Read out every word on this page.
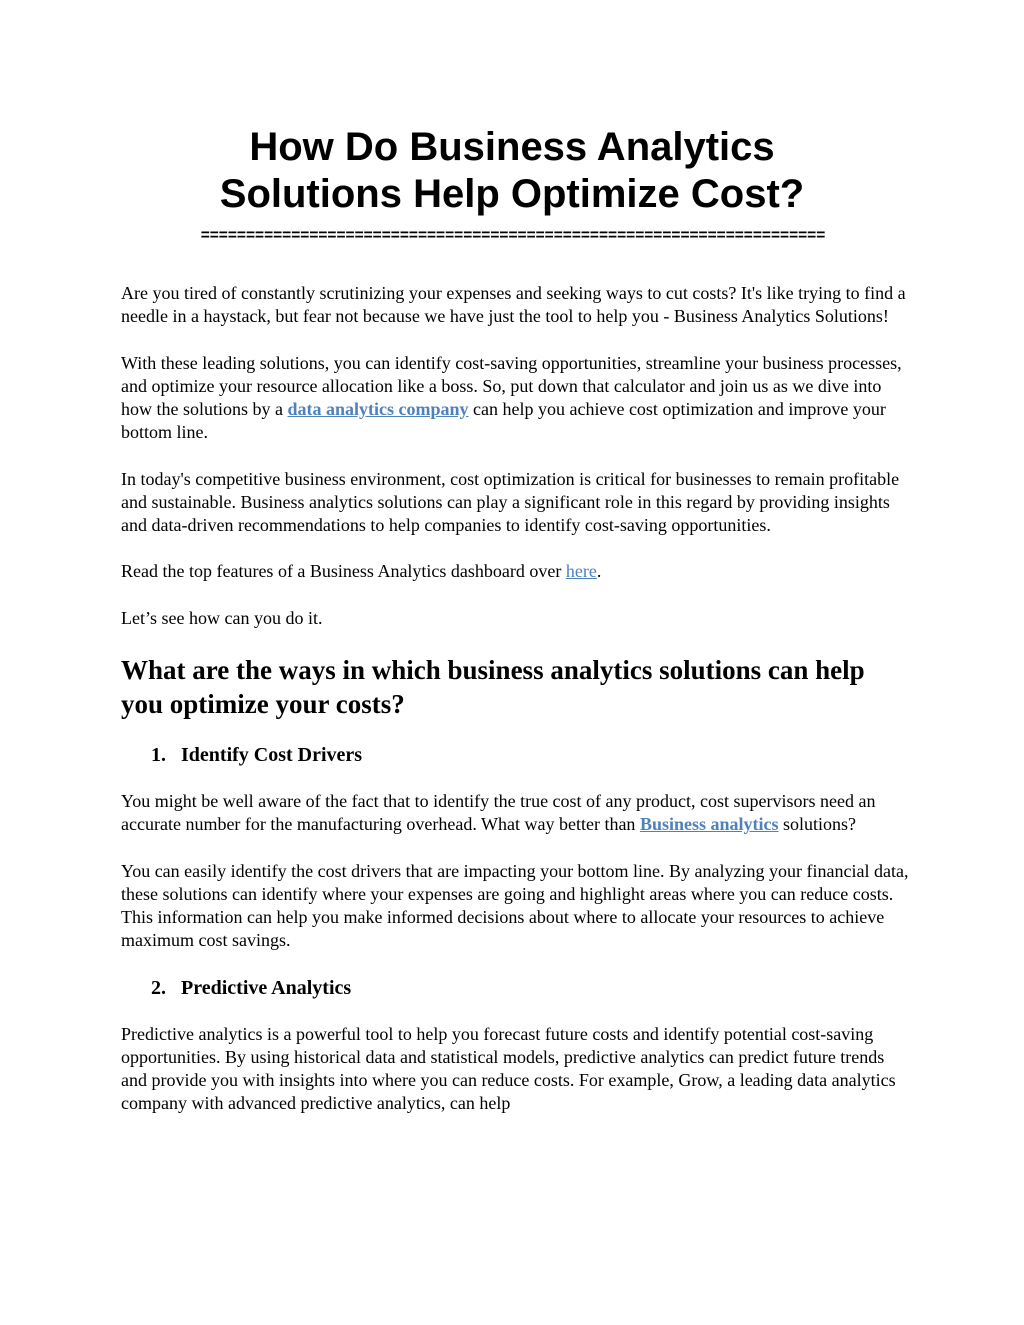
How Do Business Analytics
Solutions Help Optimize Cost?
=====================================================================

Are you tired of constantly scrutinizing your expenses and seeking ways to cut costs? It's like trying to find a needle in a haystack, but fear not because we have just the tool to help you - Business Analytics Solutions!

With these leading solutions, you can identify cost-saving opportunities, streamline your business processes, and optimize your resource allocation like a boss. So, put down that calculator and join us as we dive into how the solutions by a data analytics company can help you achieve cost optimization and improve your bottom line.

In today's competitive business environment, cost optimization is critical for businesses to remain profitable and sustainable. Business analytics solutions can play a significant role in this regard by providing insights and data-driven recommendations to help companies to identify cost-saving opportunities.

Read the top features of a Business Analytics dashboard over here.

Let’s see how can you do it.

What are the ways in which business analytics solutions can help you optimize your costs?
1. Identify Cost Drivers

You might be well aware of the fact that to identify the true cost of any product, cost supervisors need an accurate number for the manufacturing overhead. What way better than Business analytics solutions?

You can easily identify the cost drivers that are impacting your bottom line. By analyzing your financial data, these solutions can identify where your expenses are going and highlight areas where you can reduce costs. This information can help you make informed decisions about where to allocate your resources to achieve maximum cost savings.

2. Predictive Analytics

Predictive analytics is a powerful tool to help you forecast future costs and identify potential cost-saving opportunities. By using historical data and statistical models, predictive analytics can predict future trends and provide you with insights into where you can reduce costs. For example, Grow, a leading data analytics company with advanced predictive analytics, can help
